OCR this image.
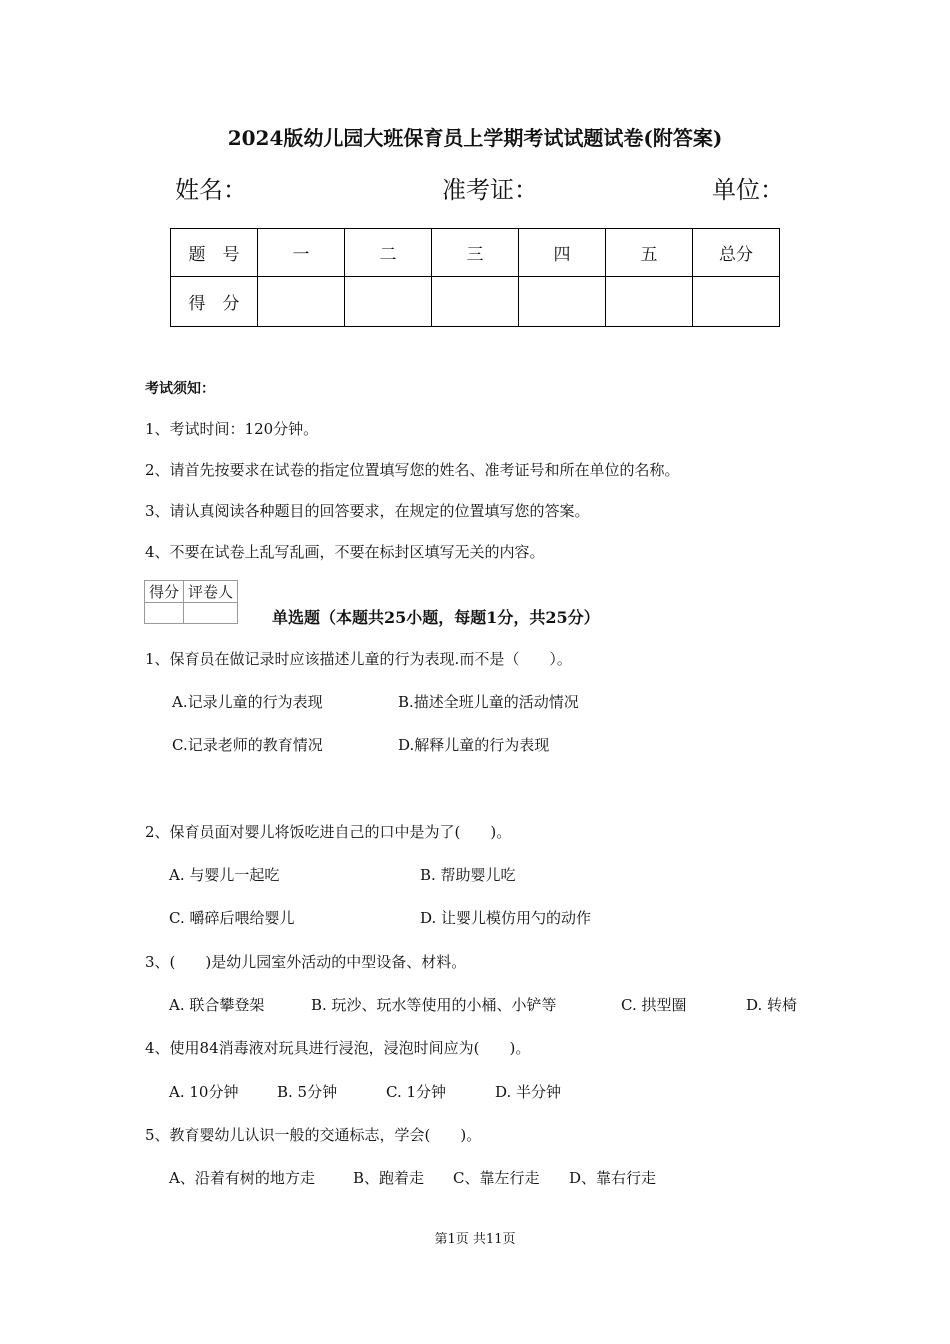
2024版幼儿园大班保育员上学期考试试题试卷(附答案)
姓名：	准考证：	单位：
题　号	一	二	三	四	五	总分
得　分						
考试须知：
1、考试时间：120分钟。
2、请首先按要求在试卷的指定位置填写您的姓名、准考证号和所在单位的名称。
3、请认真阅读各种题目的回答要求，在规定的位置填写您的答案。
4、不要在试卷上乱写乱画，不要在标封区填写无关的内容。
得分	评卷人

单选题（本题共25小题，每题1分，共25分）
1、保育员在做记录时应该描述儿童的行为表现.而不是（　　）。
A.记录儿童的行为表现	B.描述全班儿童的活动情况
C.记录老师的教育情况	D.解释儿童的行为表现
2、保育员面对婴儿将饭吃进自己的口中是为了(　　)。
A. 与婴儿一起吃	B. 帮助婴儿吃
C. 嚼碎后喂给婴儿	D. 让婴儿模仿用勺的动作
3、(　　)是幼儿园室外活动的中型设备、材料。
A. 联合攀登架	B. 玩沙、玩水等使用的小桶、小铲等	C. 拱型圈	D. 转椅
4、使用84消毒液对玩具进行浸泡，浸泡时间应为(　　)。
A. 10分钟	B. 5分钟	C. 1分钟	D. 半分钟
5、教育婴幼儿认识一般的交通标志，学会(　　)。
A、沿着有树的地方走	B、跑着走 C、靠左行走 D、靠右行走
第1页 共11页
